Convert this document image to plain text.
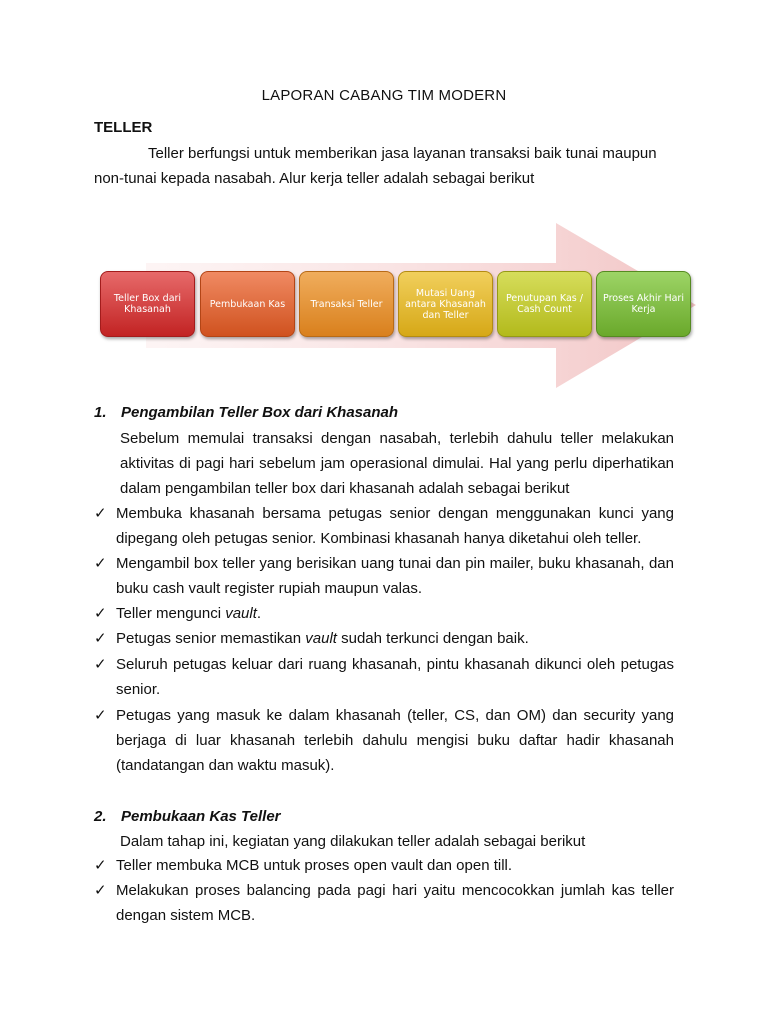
LAPORAN CABANG TIM MODERN
TELLER
Teller berfungsi untuk memberikan jasa layanan transaksi baik tunai maupun
non-tunai kepada nasabah. Alur kerja teller adalah sebagai berikut
Teller Box dari Khasanah	Pembukaan Kas	Transaksi Teller
Mutasi Uang antara Khasanah dan Teller
Penutupan Kas / Cash Count
Proses Akhir Hari Kerja
1. Pengambilan Teller Box dari Khasanah
Sebelum memulai transaksi dengan nasabah, terlebih dahulu teller melakukan aktivitas di pagi hari sebelum jam operasional dimulai. Hal yang perlu diperhatikan dalam pengambilan teller box dari khasanah adalah sebagai berikut
✓ Membuka khasanah bersama petugas senior dengan menggunakan kunci yang dipegang oleh petugas senior. Kombinasi khasanah hanya diketahui oleh teller.
✓ Mengambil box teller yang berisikan uang tunai dan pin mailer, buku khasanah, dan buku cash vault register rupiah maupun valas.
✓ Teller mengunci vault.
✓ Petugas senior memastikan vault sudah terkunci dengan baik.
✓ Seluruh petugas keluar dari ruang khasanah, pintu khasanah dikunci oleh petugas senior.
✓ Petugas yang masuk ke dalam khasanah (teller, CS, dan OM) dan security yang berjaga di luar khasanah terlebih dahulu mengisi buku daftar hadir khasanah (tandatangan dan waktu masuk).
2. Pembukaan Kas Teller
Dalam tahap ini, kegiatan yang dilakukan teller adalah sebagai berikut
✓ Teller membuka MCB untuk proses open vault dan open till.
✓ Melakukan proses balancing pada pagi hari yaitu mencocokkan jumlah kas teller dengan sistem MCB.
